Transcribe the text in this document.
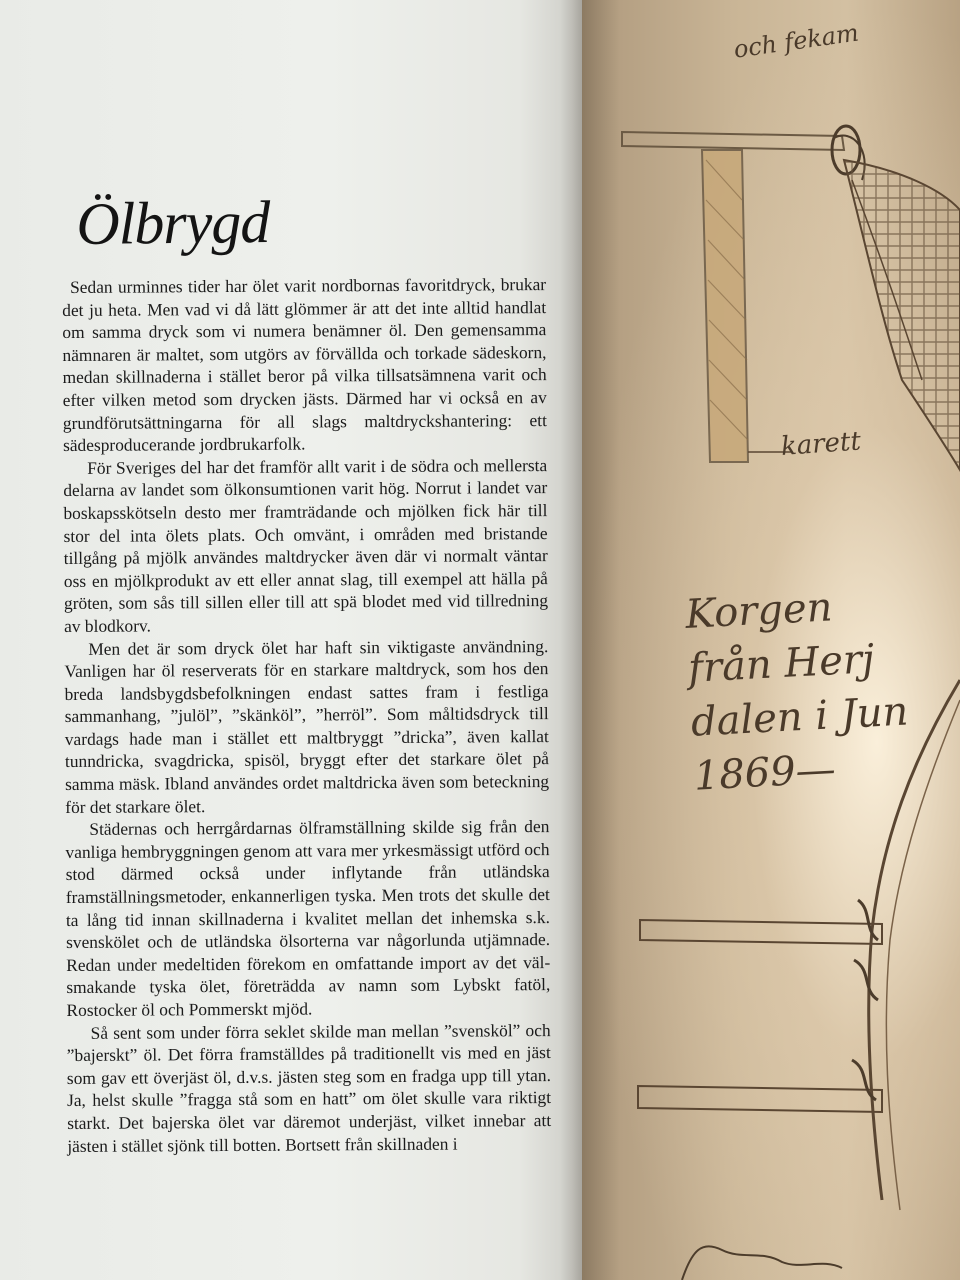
Ölbrygd

Sedan urminnes tider har ölet varit nordbornas favoritdryck, brukar det ju heta. Men vad vi då lätt glömmer är att det inte alltid handlat om samma dryck som vi numera benämner öl. Den gemensamma nämnaren är maltet, som utgörs av förvällda och torkade sädeskorn, medan skillnaderna i stället beror på vilka tillsatsämnena varit och efter vilken metod som drycken jästs. Därmed har vi också en av grundförutsättningarna för all slags maltdryckshantering: ett sädesproducerande jordbrukarfolk.

För Sveriges del har det framför allt varit i de södra och mellersta delarna av landet som ölkonsumtionen varit hög. Norrut i landet var boskapsskötseln desto mer framträdande och mjölken fick här till stor del inta ölets plats. Och omvänt, i områden med bristande tillgång på mjölk användes maltdrycker även där vi normalt väntar oss en mjölkprodukt av ett eller annat slag, till exempel att hälla på gröten, som sås till sillen eller till att spä blodet med vid tillredning av blodkorv.

Men det är som dryck ölet har haft sin viktigaste användning. Vanligen har öl reserverats för en starkare maltdryck, som hos den breda landsbygdsbefolkningen endast sattes fram i festliga sammanhang, ”julöl”, ”skänköl”, ”herröl”. Som måltidsdryck till vardags hade man i stället ett maltbryggt ”dricka”, även kallat tunndricka, svagdricka, spisöl, bryggt efter det starkare ölet på samma mäsk. Ibland användes ordet maltdricka även som beteckning för det starkare ölet.

Städernas och herrgårdarnas ölframställning skilde sig från den vanliga hembryggningen genom att vara mer yrkesmässigt utförd och stod därmed också under inflytande från utländska framställningsmetoder, enkannerligen tyska. Men trots det skulle det ta lång tid innan skillnaderna i kvalitet mellan det inhemska s.k. svenskölet och de utländska ölsorterna var någorlunda utjämnade. Redan under medeltiden förekom en omfattande import av det välsmakande tyska ölet, företrädda av namn som Lybskt fatöl, Rostocker öl och Pommerskt mjöd.

Så sent som under förra seklet skilde man mellan ”svensköl” och ”bajerskt” öl. Det förra framställdes på traditionellt vis med en jäst som gav ett överjäst öl, d.v.s. jästen steg som en fradga upp till ytan. Ja, helst skulle ”fragga stå som en hatt” om ölet skulle vara riktigt starkt. Det bajerska ölet var däremot underjäst, vilket innebar att jästen i stället sjönk till botten. Bortsett från skillnaden i

och fekam
karett
Korgen
från Herj
dalen i Jun
1869—
